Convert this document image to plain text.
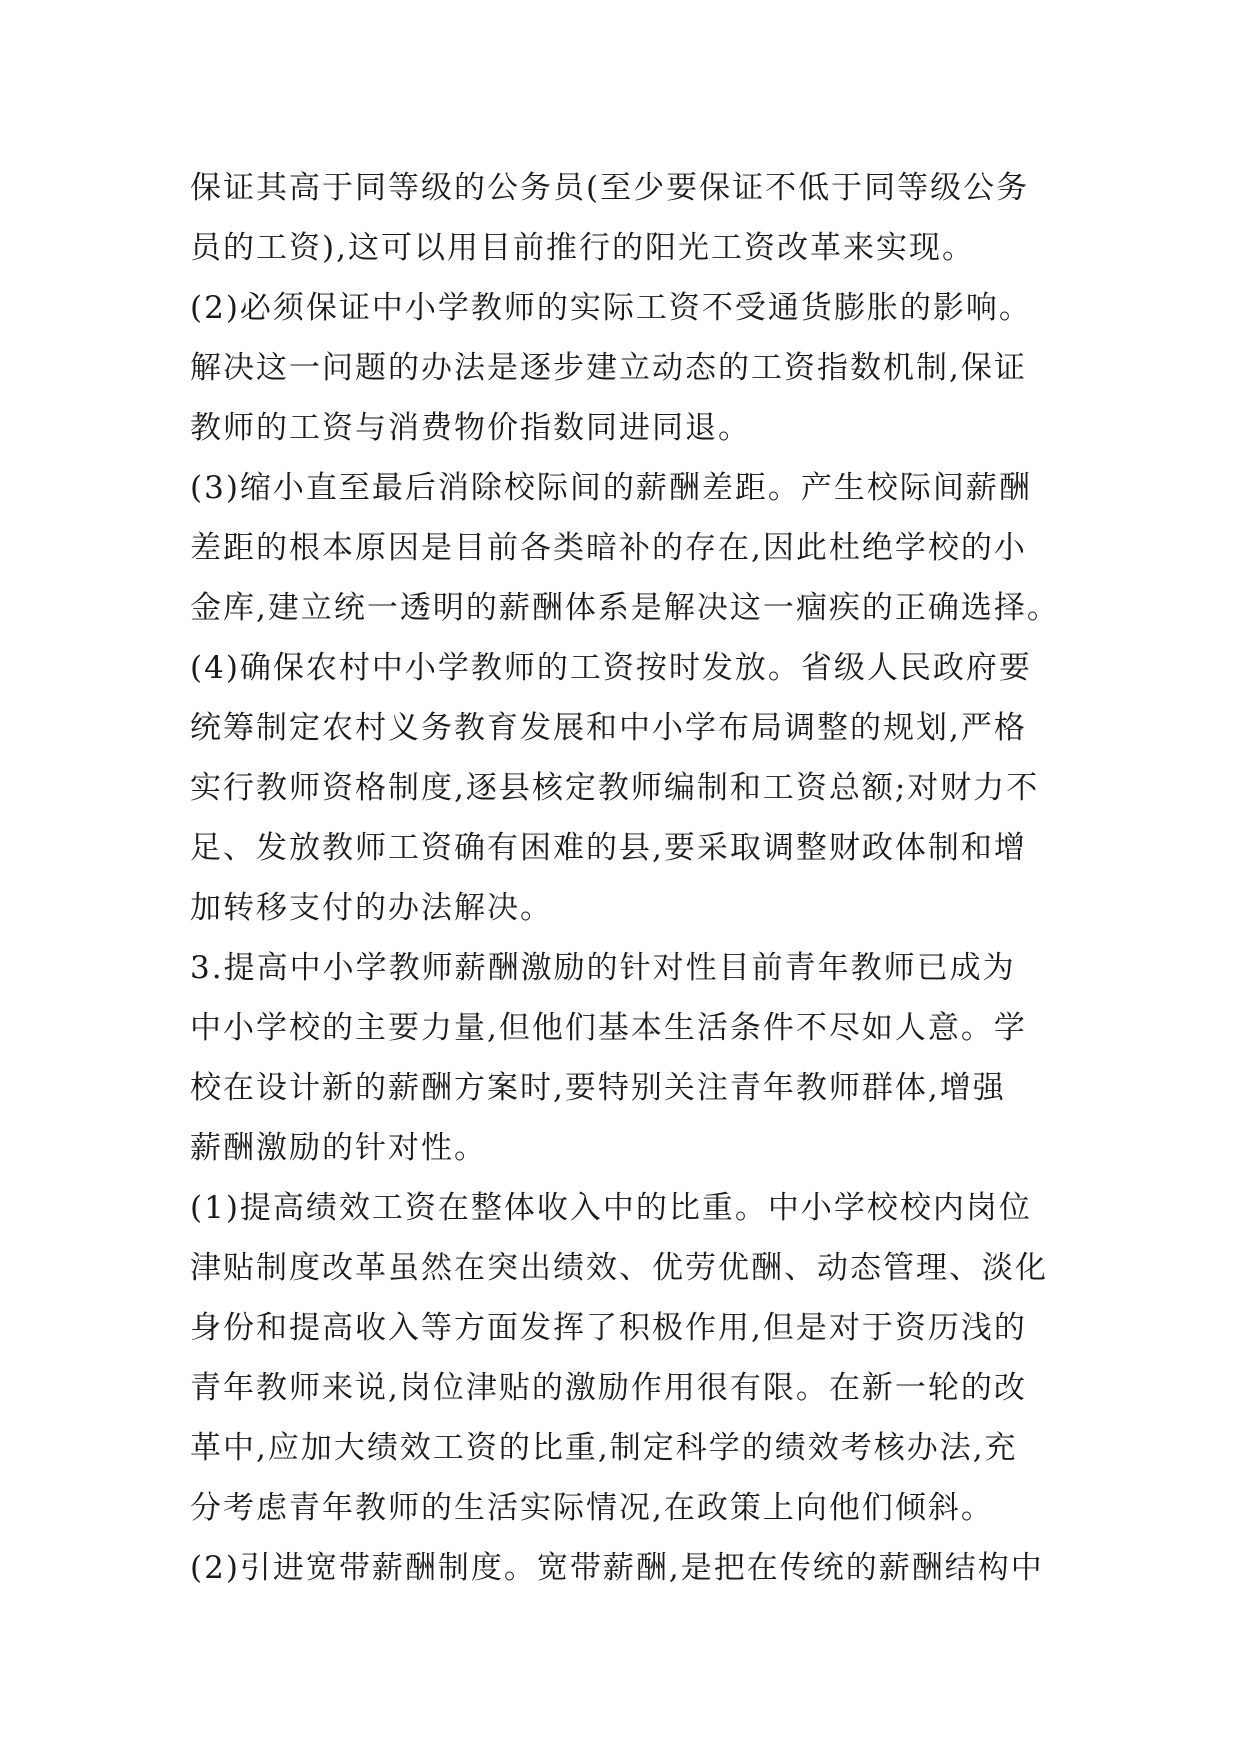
保证其高于同等级的公务员(至少要保证不低于同等级公务
员的工资),这可以用目前推行的阳光工资改革来实现。
(2)必须保证中小学教师的实际工资不受通货膨胀的影响。
解决这一问题的办法是逐步建立动态的工资指数机制,保证
教师的工资与消费物价指数同进同退。
(3)缩小直至最后消除校际间的薪酬差距。产生校际间薪酬
差距的根本原因是目前各类暗补的存在,因此杜绝学校的小
金库,建立统一透明的薪酬体系是解决这一痼疾的正确选择。
(4)确保农村中小学教师的工资按时发放。省级人民政府要
统筹制定农村义务教育发展和中小学布局调整的规划,严格
实行教师资格制度,逐县核定教师编制和工资总额;对财力不
足、发放教师工资确有困难的县,要采取调整财政体制和增
加转移支付的办法解决。
3.提高中小学教师薪酬激励的针对性目前青年教师已成为
中小学校的主要力量,但他们基本生活条件不尽如人意。学
校在设计新的薪酬方案时,要特别关注青年教师群体,增强
薪酬激励的针对性。
(1)提高绩效工资在整体收入中的比重。中小学校校内岗位
津贴制度改革虽然在突出绩效、优劳优酬、动态管理、淡化
身份和提高收入等方面发挥了积极作用,但是对于资历浅的
青年教师来说,岗位津贴的激励作用很有限。在新一轮的改
革中,应加大绩效工资的比重,制定科学的绩效考核办法,充
分考虑青年教师的生活实际情况,在政策上向他们倾斜。
(2)引进宽带薪酬制度。宽带薪酬,是把在传统的薪酬结构中
